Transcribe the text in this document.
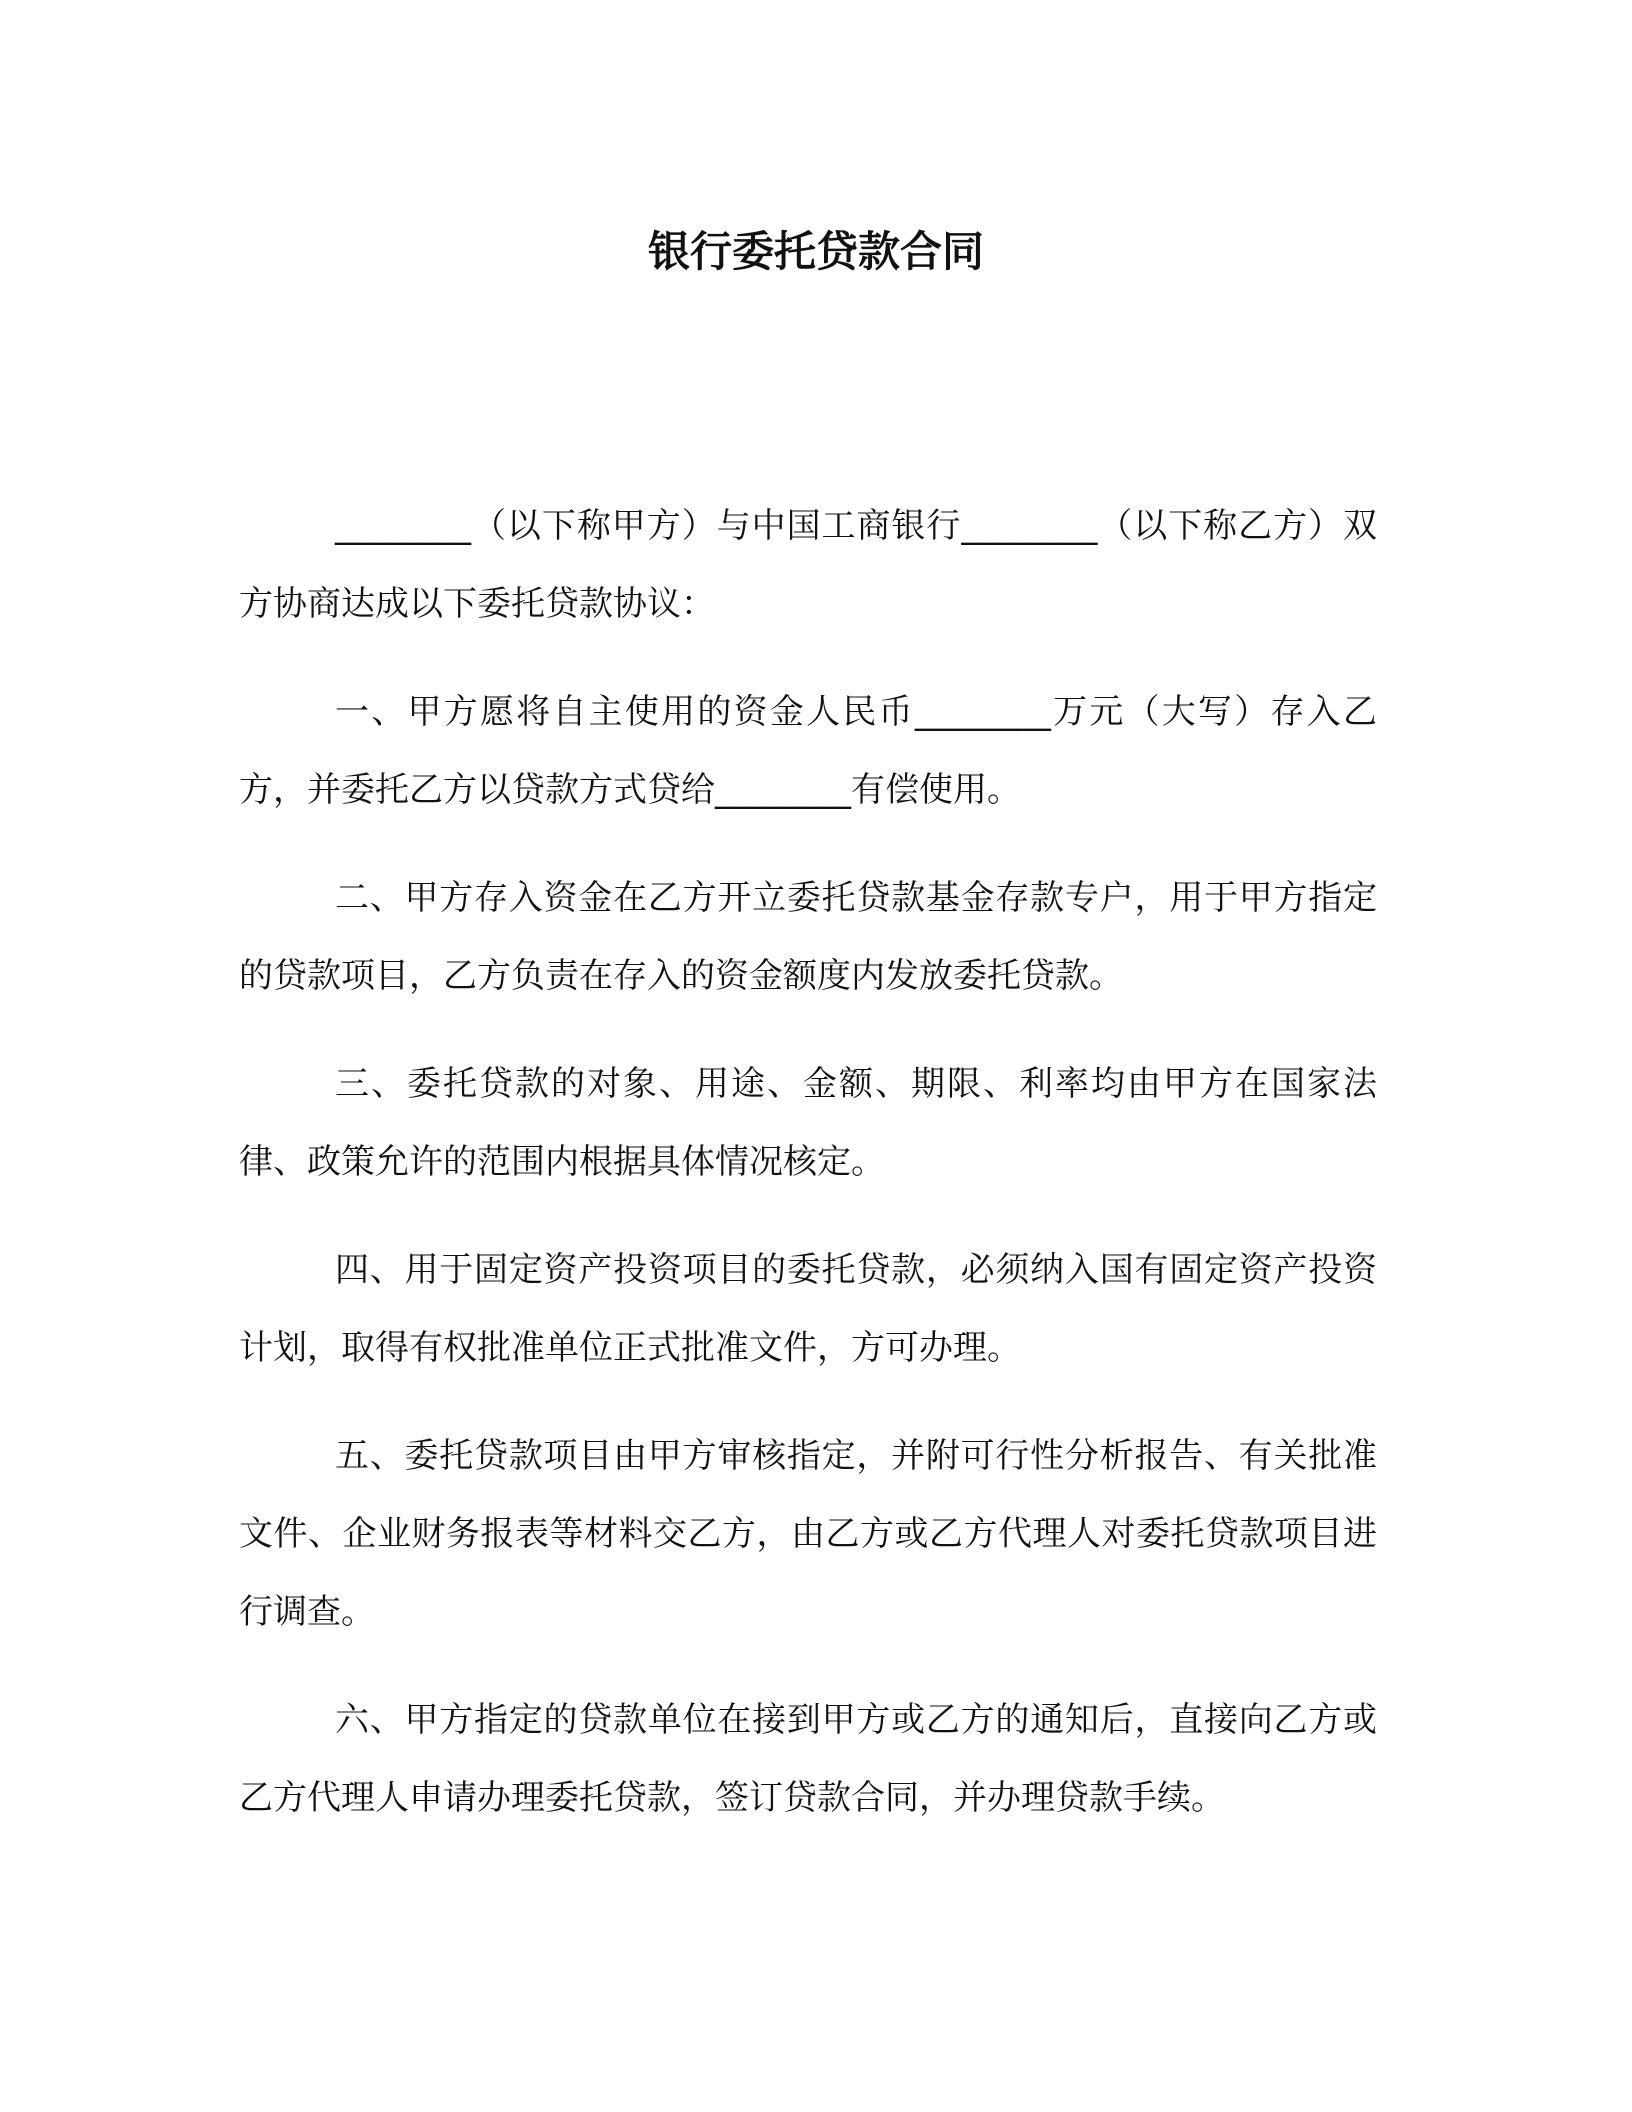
银行委托贷款合同

________（以下称甲方）与中国工商银行________（以下称乙方）双方协商达成以下委托贷款协议：

一、甲方愿将自主使用的资金人民币________万元（大写）存入乙方，并委托乙方以贷款方式贷给________有偿使用。

二、甲方存入资金在乙方开立委托贷款基金存款专户，用于甲方指定的贷款项目，乙方负责在存入的资金额度内发放委托贷款。

三、委托贷款的对象、用途、金额、期限、利率均由甲方在国家法律、政策允许的范围内根据具体情况核定。

四、用于固定资产投资项目的委托贷款，必须纳入国有固定资产投资计划，取得有权批准单位正式批准文件，方可办理。

五、委托贷款项目由甲方审核指定，并附可行性分析报告、有关批准文件、企业财务报表等材料交乙方，由乙方或乙方代理人对委托贷款项目进行调查。

六、甲方指定的贷款单位在接到甲方或乙方的通知后，直接向乙方或乙方代理人申请办理委托贷款，签订贷款合同，并办理贷款手续。
